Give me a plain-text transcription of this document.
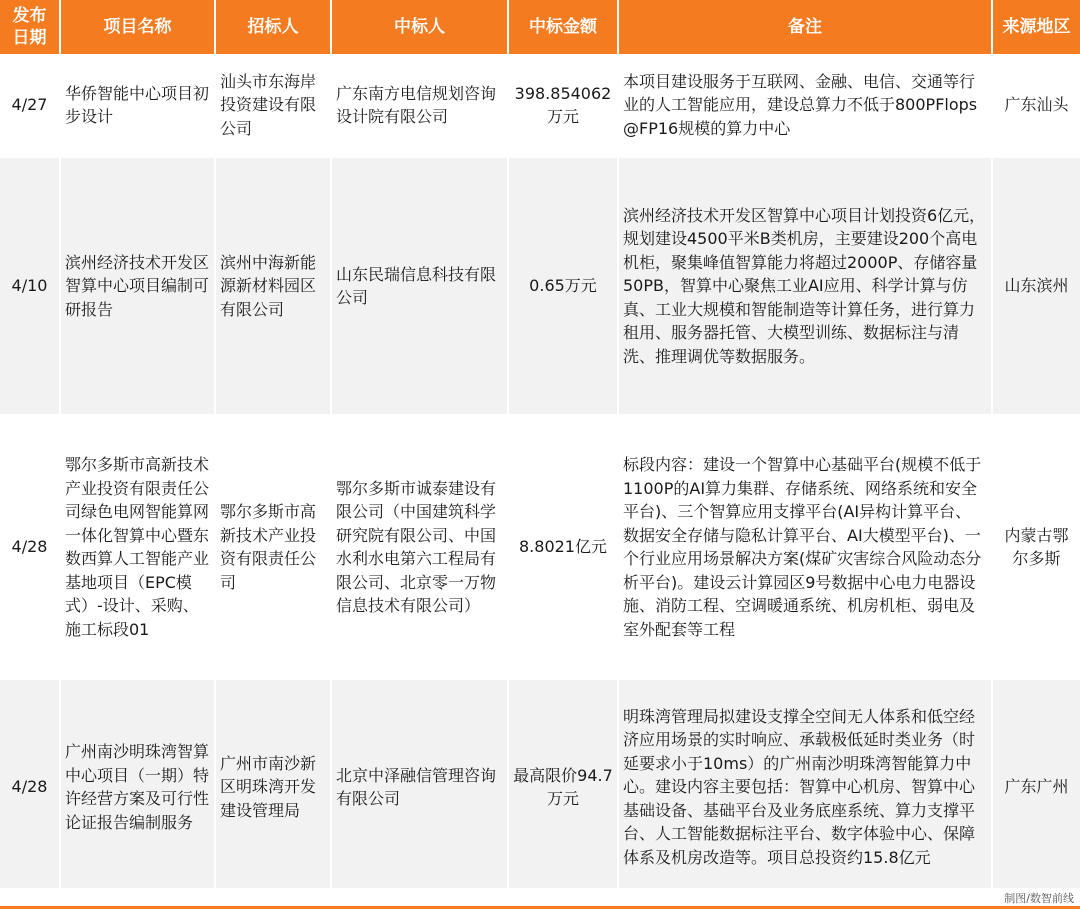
发布日期	项目名称	招标人	中标人	中标金额	备注	来源地区
4/27	华侨智能中心项目初步设计	汕头市东海岸投资建设有限公司	广东南方电信规划咨询设计院有限公司	398.854062万元	本项目建设服务于互联网、金融、电信、交通等行业的人工智能应用，建设总算力不低于800PFlops@FP16规模的算力中心	广东汕头
4/10	滨州经济技术开发区智算中心项目编制可研报告	滨州中海新能源新材料园区有限公司	山东民瑞信息科技有限公司	0.65万元	滨州经济技术开发区智算中心项目计划投资6亿元，规划建设4500平米B类机房，主要建设200个高电机柜，聚集峰值智算能力将超过2000P、存储容量50PB，智算中心聚焦工业AI应用、科学计算与仿真、工业大规模和智能制造等计算任务，进行算力租用、服务器托管、大模型训练、数据标注与清洗、推理调优等数据服务。	山东滨州
4/28	鄂尔多斯市高新技术产业投资有限责任公司绿色电网智能算网一体化智算中心暨东数西算人工智能产业基地项目（EPC模式）-设计、采购、施工标段01	鄂尔多斯市高新技术产业投资有限责任公司	鄂尔多斯市诚泰建设有限公司（中国建筑科学研究院有限公司、中国水利水电第六工程局有限公司、北京零一万物信息技术有限公司）	8.8021亿元	标段内容：建设一个智算中心基础平台(规模不低于1100P的AI算力集群、存储系统、网络系统和安全平台)、三个智算应用支撑平台(AI异构计算平台、数据安全存储与隐私计算平台、AI大模型平台)、一个行业应用场景解决方案(煤矿灾害综合风险动态分析平台)。建设云计算园区9号数据中心电力电器设施、消防工程、空调暖通系统、机房机柜、弱电及室外配套等工程	内蒙古鄂尔多斯
4/28	广州南沙明珠湾智算中心项目（一期）特许经营方案及可行性论证报告编制服务	广州市南沙新区明珠湾开发建设管理局	北京中泽融信管理咨询有限公司	最高限价94.7万元	明珠湾管理局拟建设支撑全空间无人体系和低空经济应用场景的实时响应、承载极低延时类业务（时延要求小于10ms）的广州南沙明珠湾智能算力中心。建设内容主要包括：智算中心机房、智算中心基础设备、基础平台及业务底座系统、算力支撑平台、人工智能数据标注平台、数字体验中心、保障体系及机房改造等。项目总投资约15.8亿元	广东广州
制图/数智前线
